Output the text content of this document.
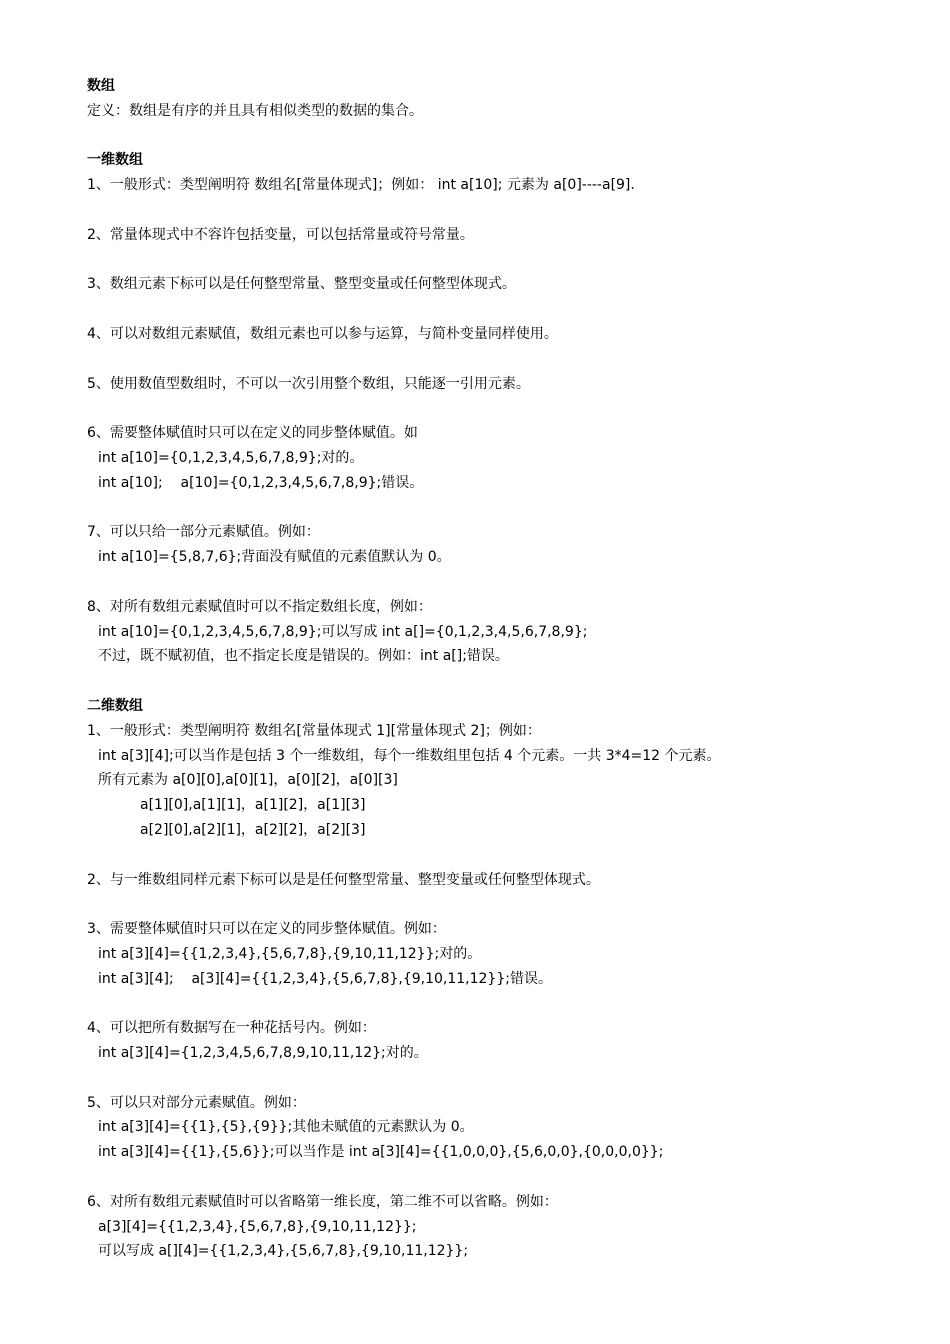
数组
定义：数组是有序的并且具有相似类型的数据的集合。
一维数组
1、一般形式：类型阐明符 数组名[常量体现式]；例如： int a[10]; 元素为 a[0]----a[9].
2、常量体现式中不容许包括变量，可以包括常量或符号常量。
3、数组元素下标可以是任何整型常量、整型变量或任何整型体现式。
4、可以对数组元素赋值，数组元素也可以参与运算，与简朴变量同样使用。
5、使用数值型数组时，不可以一次引用整个数组，只能逐一引用元素。
6、需要整体赋值时只可以在定义的同步整体赋值。如
int a[10]={0,1,2,3,4,5,6,7,8,9};对的。
int a[10];    a[10]={0,1,2,3,4,5,6,7,8,9};错误。
7、可以只给一部分元素赋值。例如：
int a[10]={5,8,7,6};背面没有赋值的元素值默认为 0。
8、对所有数组元素赋值时可以不指定数组长度，例如：
int a[10]={0,1,2,3,4,5,6,7,8,9};可以写成 int a[]={0,1,2,3,4,5,6,7,8,9};
不过，既不赋初值，也不指定长度是错误的。例如：int a[];错误。
二维数组
1、一般形式：类型阐明符 数组名[常量体现式 1][常量体现式 2]；例如：
int a[3][4];可以当作是包括 3 个一维数组，每个一维数组里包括 4 个元素。一共 3*4=12 个元素。
所有元素为 a[0][0],a[0][1]，a[0][2]，a[0][3]
a[1][0],a[1][1]，a[1][2]，a[1][3]
a[2][0],a[2][1]，a[2][2]，a[2][3]
2、与一维数组同样元素下标可以是是任何整型常量、整型变量或任何整型体现式。
3、需要整体赋值时只可以在定义的同步整体赋值。例如：
int a[3][4]={{1,2,3,4},{5,6,7,8},{9,10,11,12}};对的。
int a[3][4];    a[3][4]={{1,2,3,4},{5,6,7,8},{9,10,11,12}};错误。
4、可以把所有数据写在一种花括号内。例如：
int a[3][4]={1,2,3,4,5,6,7,8,9,10,11,12};对的。
5、可以只对部分元素赋值。例如：
int a[3][4]={{1},{5},{9}};其他未赋值的元素默认为 0。
int a[3][4]={{1},{5,6}};可以当作是 int a[3][4]={{1,0,0,0},{5,6,0,0},{0,0,0,0}};
6、对所有数组元素赋值时可以省略第一维长度，第二维不可以省略。例如：
a[3][4]={{1,2,3,4},{5,6,7,8},{9,10,11,12}};
可以写成 a[][4]={{1,2,3,4},{5,6,7,8},{9,10,11,12}};
